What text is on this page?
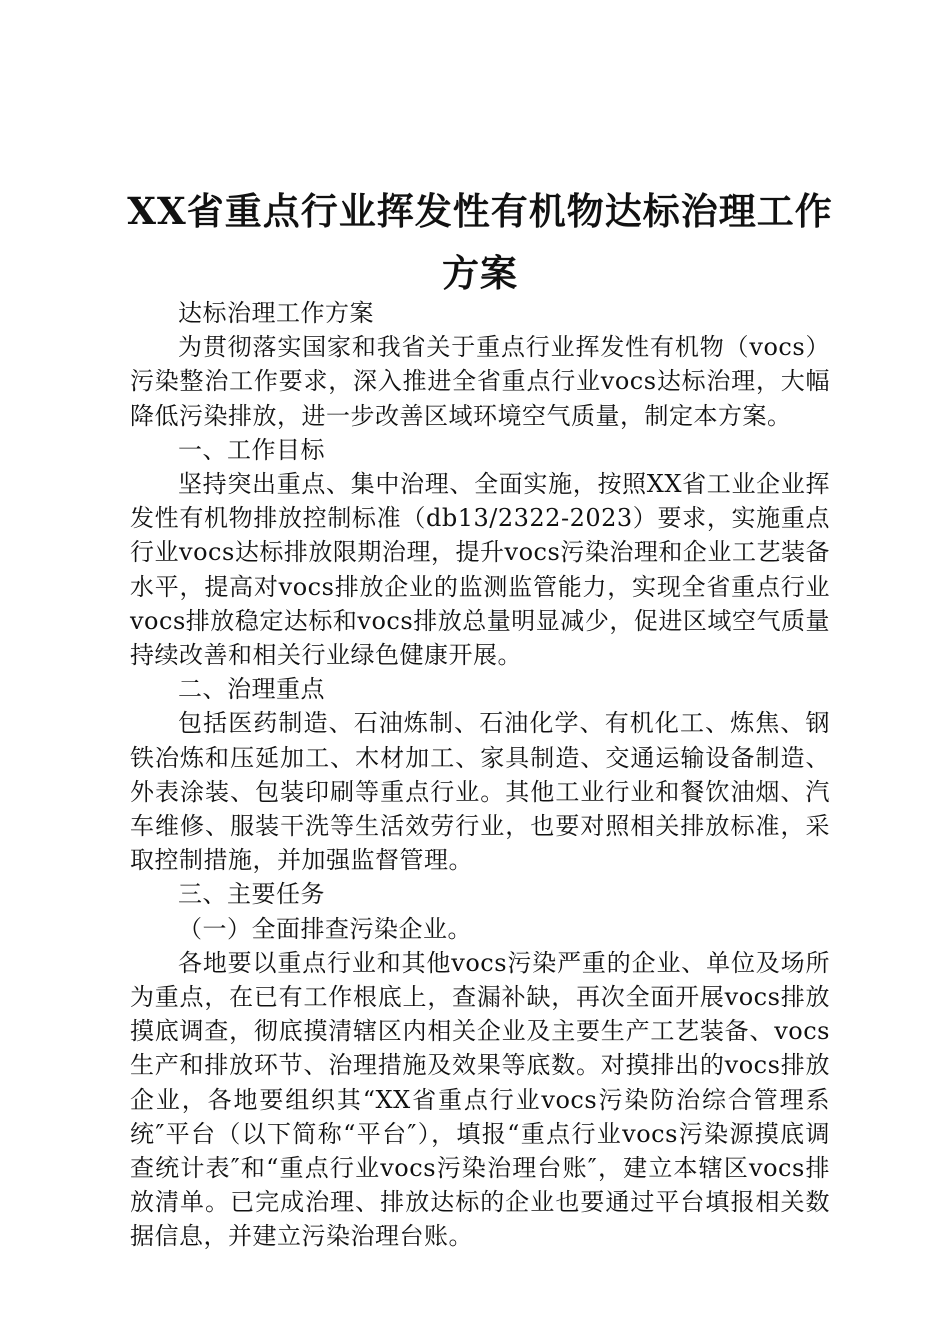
XX省重点行业挥发性有机物达标治理工作方案

达标治理工作方案

为贯彻落实国家和我省关于重点行业挥发性有机物（vocs）污染整治工作要求，深入推进全省重点行业vocs达标治理，大幅降低污染排放，进一步改善区域环境空气质量，制定本方案。

一、工作目标

坚持突出重点、集中治理、全面实施，按照XX省工业企业挥发性有机物排放控制标准（db13/2322-2023）要求，实施重点行业vocs达标排放限期治理，提升vocs污染治理和企业工艺装备水平，提高对vocs排放企业的监测监管能力，实现全省重点行业vocs排放稳定达标和vocs排放总量明显减少，促进区域空气质量持续改善和相关行业绿色健康开展。

二、治理重点

包括医药制造、石油炼制、石油化学、有机化工、炼焦、钢铁冶炼和压延加工、木材加工、家具制造、交通运输设备制造、外表涂装、包装印刷等重点行业。其他工业行业和餐饮油烟、汽车维修、服装干洗等生活效劳行业，也要对照相关排放标准，采取控制措施，并加强监督管理。

三、主要任务

（一）全面排查污染企业。

各地要以重点行业和其他vocs污染严重的企业、单位及场所为重点，在已有工作根底上，查漏补缺，再次全面开展vocs排放摸底调查，彻底摸清辖区内相关企业及主要生产工艺装备、vocs生产和排放环节、治理措施及效果等底数。对摸排出的vocs排放企业，各地要组织其“XX省重点行业vocs污染防治综合管理系统″平台（以下简称“平台″），填报“重点行业vocs污染源摸底调查统计表″和“重点行业vocs污染治理台账″，建立本辖区vocs排放清单。已完成治理、排放达标的企业也要通过平台填报相关数据信息，并建立污染治理台账。
